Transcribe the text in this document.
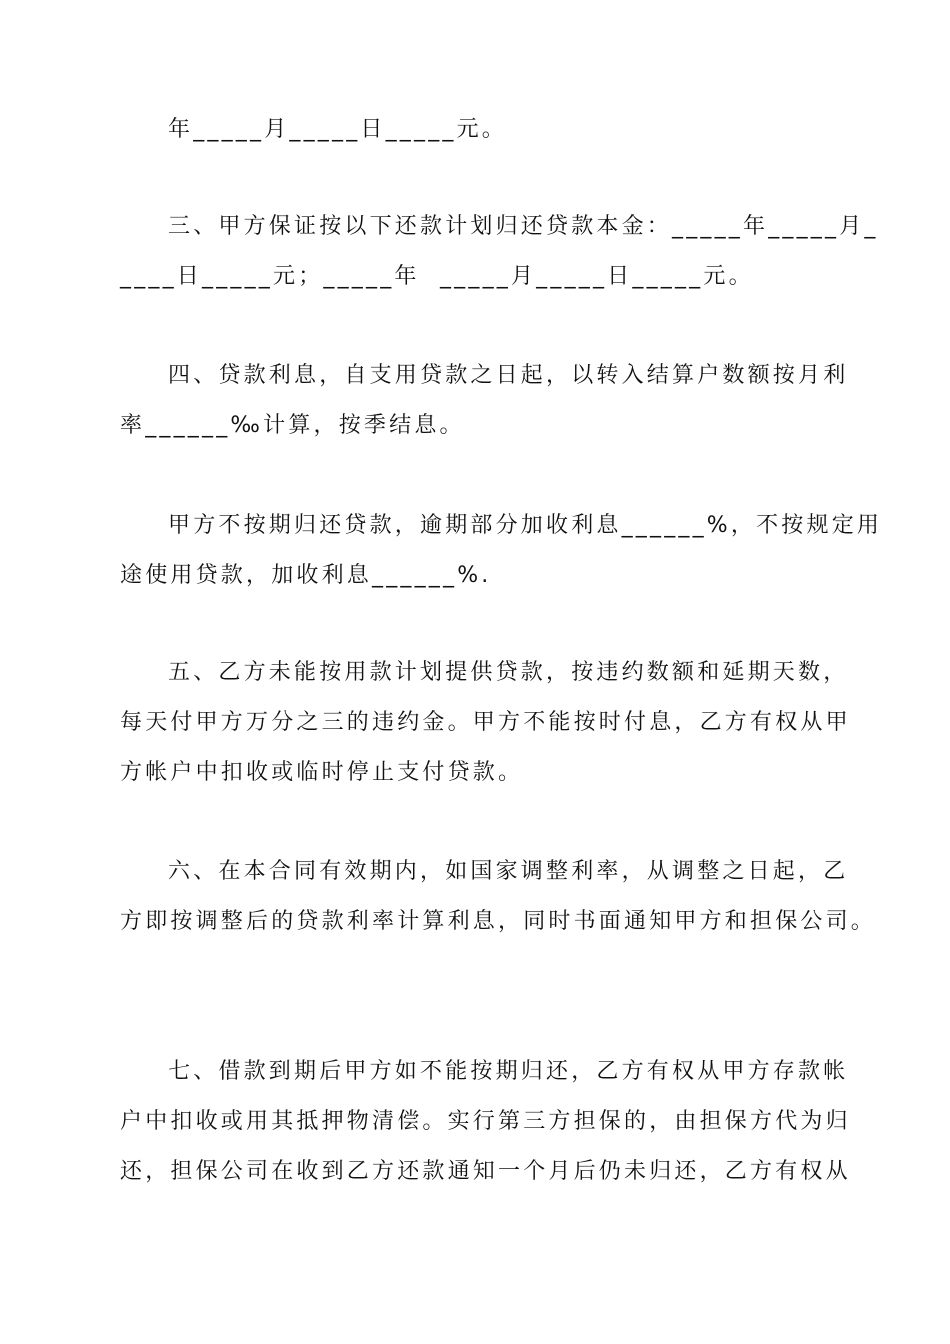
年_____月_____日_____元。
三、甲方保证按以下还款计划归还贷款本金：_____年_____月_
____日_____元；_____年  _____月_____日_____元。
四、贷款利息，自支用贷款之日起，以转入结算户数额按月利
率______‰计算，按季结息。
甲方不按期归还贷款，逾期部分加收利息______%，不按规定用
途使用贷款，加收利息______%.
五、乙方未能按用款计划提供贷款，按违约数额和延期天数，
每天付甲方万分之三的违约金。甲方不能按时付息，乙方有权从甲
方帐户中扣收或临时停止支付贷款。
六、在本合同有效期内，如国家调整利率，从调整之日起，乙
方即按调整后的贷款利率计算利息，同时书面通知甲方和担保公司。
七、借款到期后甲方如不能按期归还，乙方有权从甲方存款帐
户中扣收或用其抵押物清偿。实行第三方担保的，由担保方代为归
还，担保公司在收到乙方还款通知一个月后仍未归还，乙方有权从
